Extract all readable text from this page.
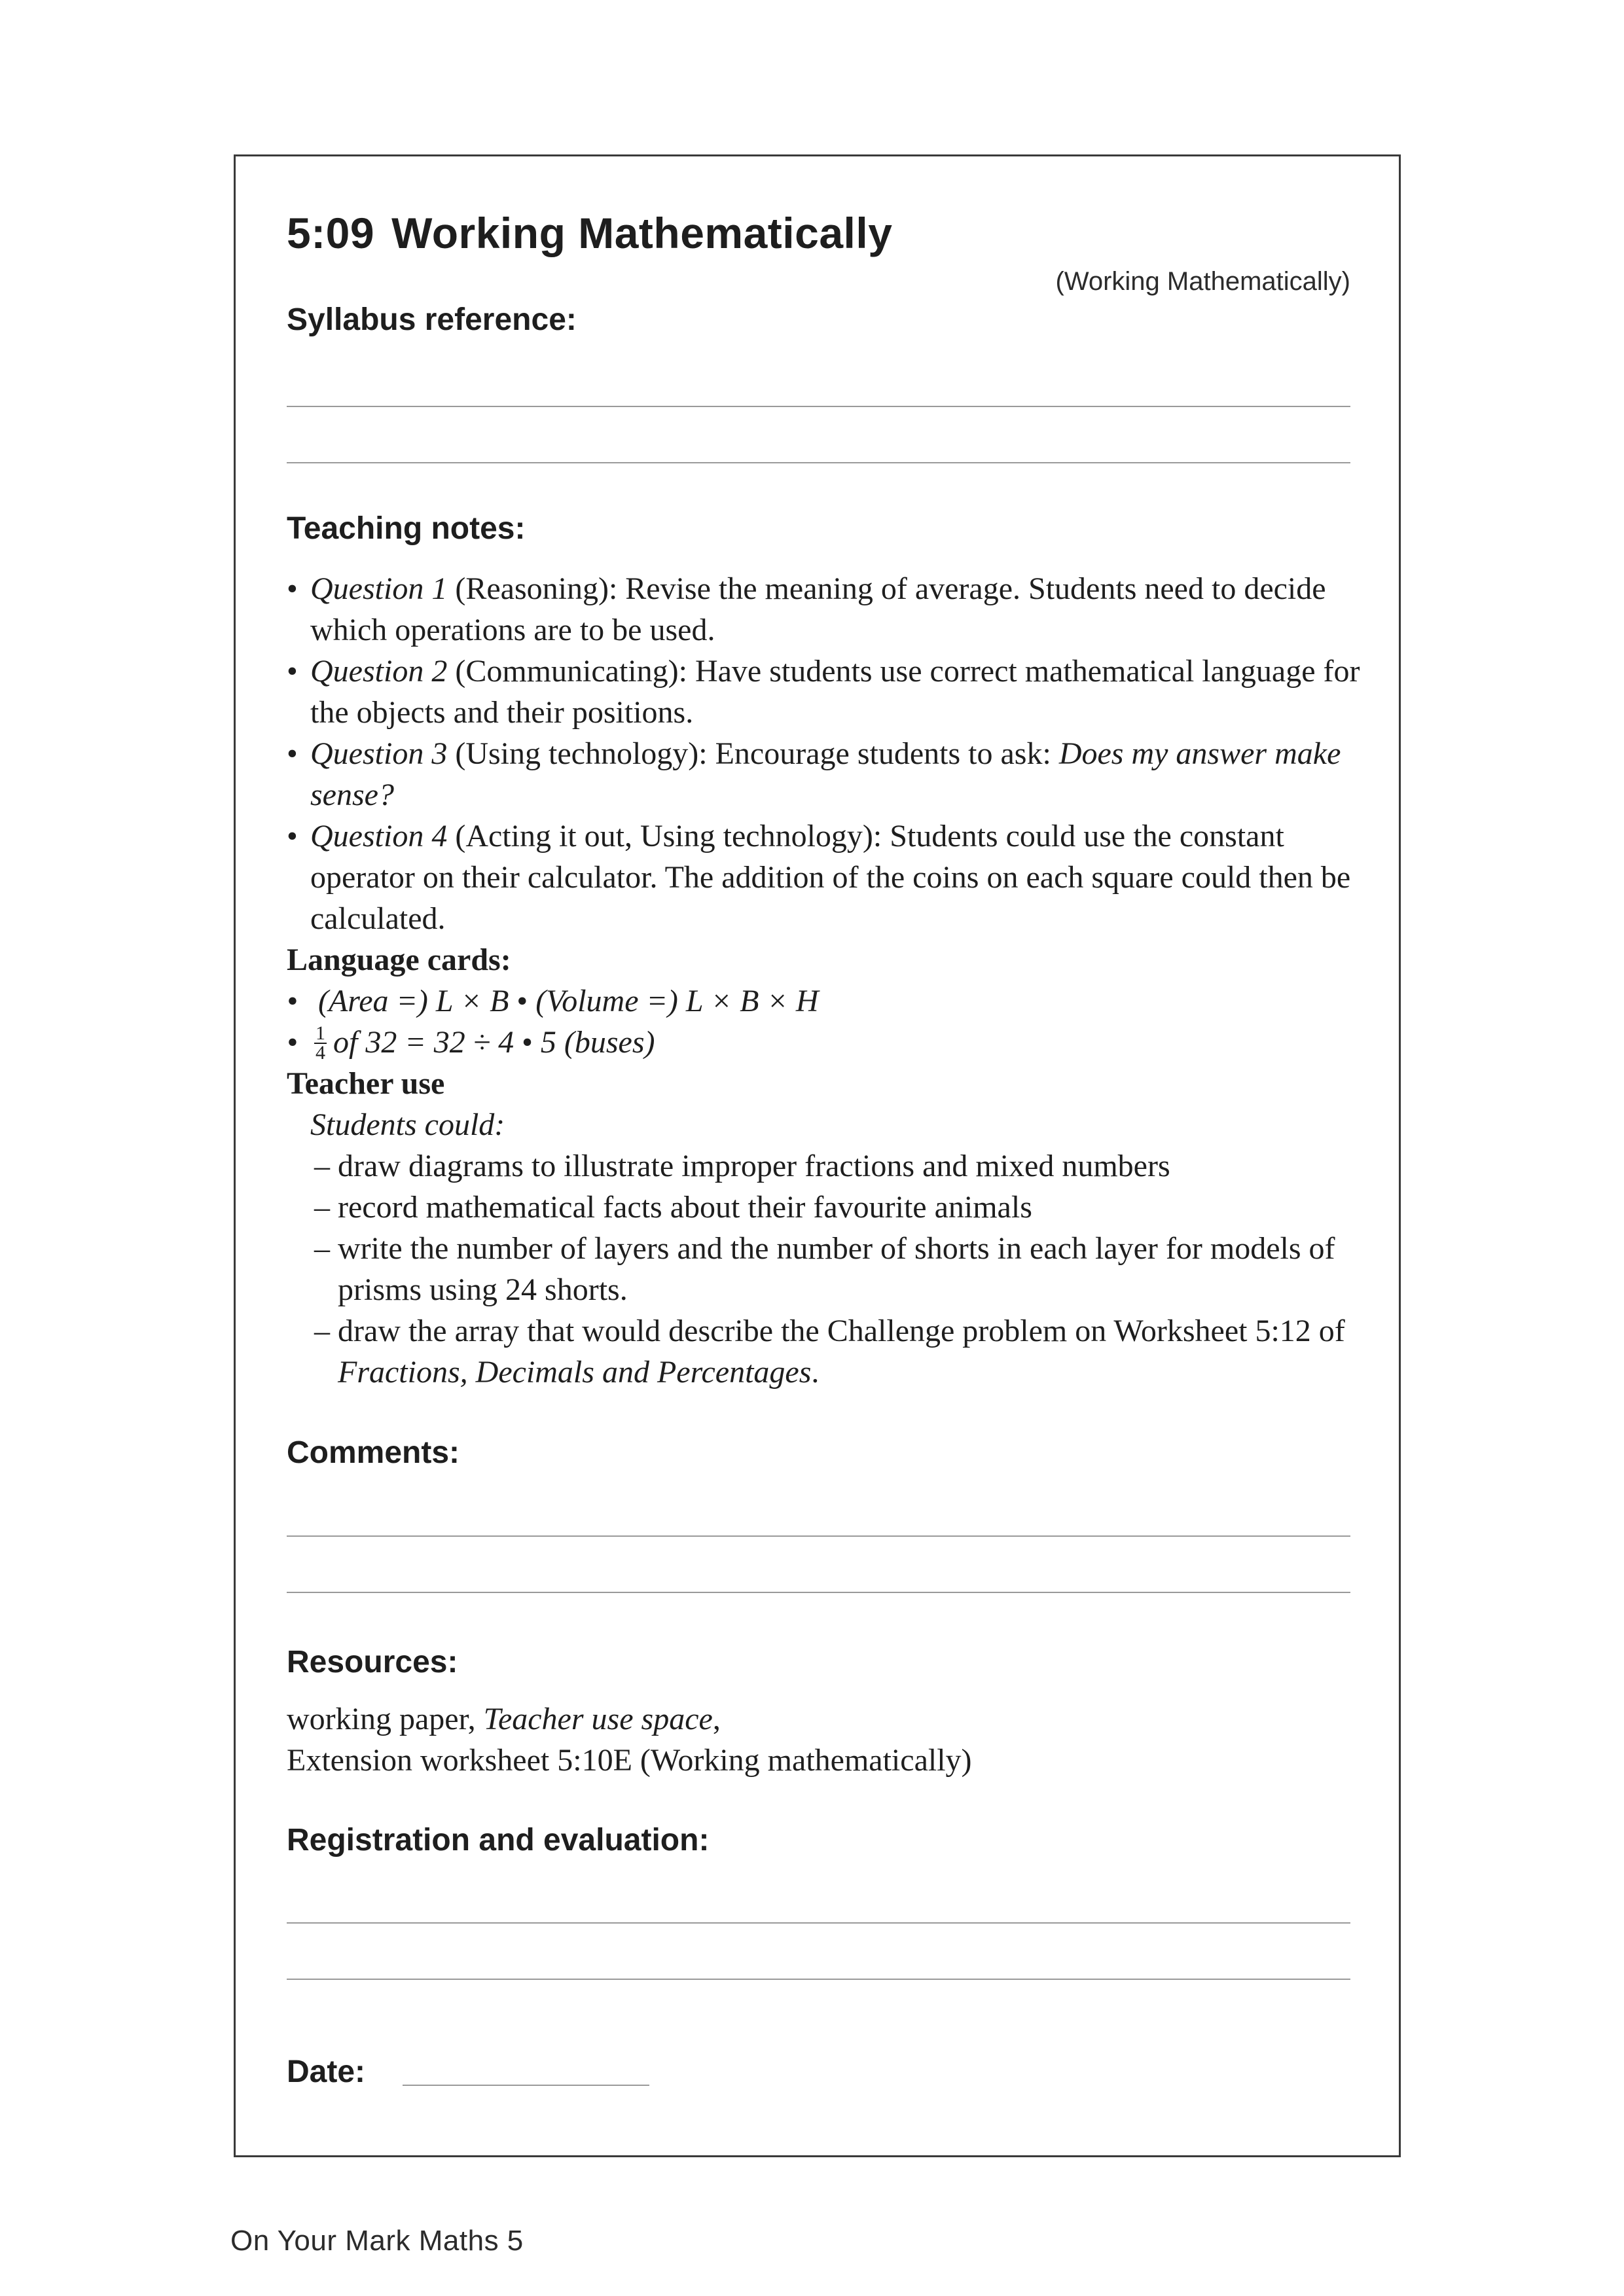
5:09 Working Mathematically
(Working Mathematically)
Syllabus reference:
Teaching notes:
• Question 1 (Reasoning): Revise the meaning of average. Students need to decide which operations are to be used.
• Question 2 (Communicating): Have students use correct mathematical language for the objects and their positions.
• Question 3 (Using technology): Encourage students to ask: Does my answer make sense?
• Question 4 (Acting it out, Using technology): Students could use the constant operator on their calculator. The addition of the coins on each square could then be calculated.

Language cards:

• (Area =) L × B • (Volume =) L × B × H
• $\frac{1}{4}$ of 32 = 32 ÷ 4 • 5 (buses)

Teacher use

Students could:

– draw diagrams to illustrate improper fractions and mixed numbers
– record mathematical facts about their favourite animals
– write the number of layers and the number of shorts in each layer for models of prisms using 24 shorts.
– draw the array that would describe the Challenge problem on Worksheet 5:12 of Fractions, Decimals and Percentages.
Comments:
Resources:

working paper, Teacher use space,

Extension worksheet 5:10E (Working mathematically)

Registration and evaluation:
Date:
On Your Mark Maths 5
